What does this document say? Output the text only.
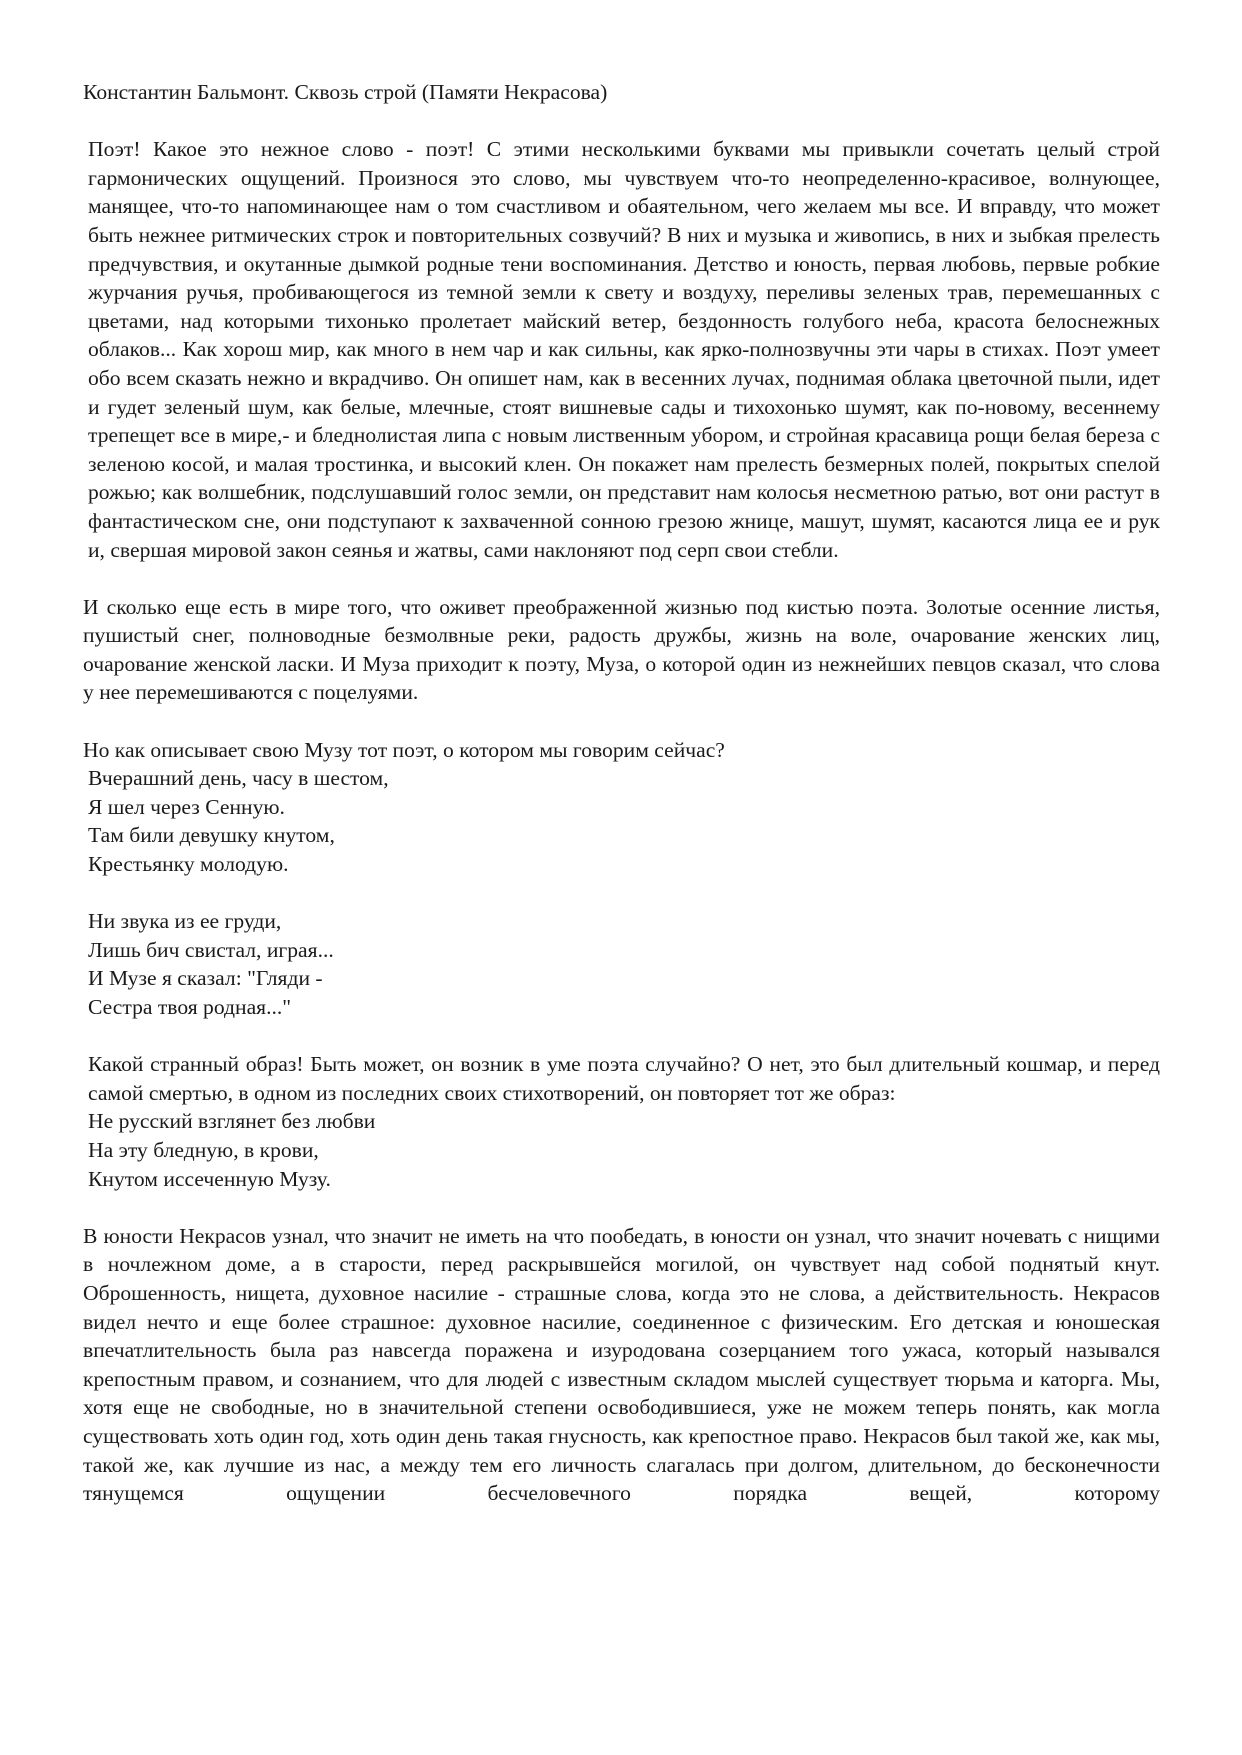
Константин Бальмонт. Сквозь строй (Памяти Некрасова)

Поэт! Какое это нежное слово - поэт! С этими несколькими буквами мы привыкли сочетать целый строй гармонических ощущений. Произнося это слово, мы чувствуем что-то неопределенно-красивое, волнующее, манящее, что-то напоминающее нам о том счастливом и обаятельном, чего желаем мы все. И вправду, что может быть нежнее ритмических строк и повторительных созвучий? В них и музыка и живопись, в них и зыбкая прелесть предчувствия, и окутанные дымкой родные тени воспоминания. Детство и юность, первая любовь, первые робкие журчания ручья, пробивающегося из темной земли к свету и воздуху, переливы зеленых трав, перемешанных с цветами, над которыми тихонько пролетает майский ветер, бездонность голубого неба, красота белоснежных облаков... Как хорош мир, как много в нем чар и как сильны, как ярко-полнозвучны эти чары в стихах. Поэт умеет обо всем сказать нежно и вкрадчиво. Он опишет нам, как в весенних лучах, поднимая облака цветочной пыли, идет и гудет зеленый шум, как белые, млечные, стоят вишневые сады и тихохонько шумят, как по-новому, весеннему трепещет все в мире,- и бледнолистая липа с новым лиственным убором, и стройная красавица рощи белая береза с зеленою косой, и малая тростинка, и высокий клен. Он покажет нам прелесть безмерных полей, покрытых спелой рожью; как волшебник, подслушавший голос земли, он представит нам колосья несметною ратью, вот они растут в фантастическом сне, они подступают к захваченной сонною грезою жнице, машут, шумят, касаются лица ее и рук и, свершая мировой закон сеянья и жатвы, сами наклоняют под серп свои стебли.

И сколько еще есть в мире того, что оживет преображенной жизнью под кистью поэта. Золотые осенние листья, пушистый снег, полноводные безмолвные реки, радость дружбы, жизнь на воле, очарование женских лиц, очарование женской ласки. И Муза приходит к поэту, Муза, о которой один из нежнейших певцов сказал, что слова у нее перемешиваются с поцелуями.

Но как описывает свою Музу тот поэт, о котором мы говорим сейчас?

Вчерашний день, часу в шестом,
Я шел через Сенную.
Там били девушку кнутом,
Крестьянку молодую.
Ни звука из ее груди,
Лишь бич свистал, играя...
И Музе я сказал: "Гляди -
Сестра твоя родная..."

Какой странный образ! Быть может, он возник в уме поэта случайно? О нет, это был длительный кошмар, и перед самой смертью, в одном из последних своих стихотворений, он повторяет тот же образ:

Не русский взглянет без любви
На эту бледную, в крови,
Кнутом иссеченную Музу.

В юности Некрасов узнал, что значит не иметь на что пообедать, в юности он узнал, что значит ночевать с нищими в ночлежном доме, а в старости, перед раскрывшейся могилой, он чувствует над собой поднятый кнут. Оброшенность, нищета, духовное насилие - страшные слова, когда это не слова, а действительность. Некрасов видел нечто и еще более страшное: духовное насилие, соединенное с физическим. Его детская и юношеская впечатлительность была раз навсегда поражена и изуродована созерцанием того ужаса, который назывался крепостным правом, и сознанием, что для людей с известным складом мыслей существует тюрьма и каторга. Мы, хотя еще не свободные, но в значительной степени освободившиеся, уже не можем теперь понять, как могла существовать хоть один год, хоть один день такая гнусность, как крепостное право. Некрасов был такой же, как мы, такой же, как лучшие из нас, а между тем его личность слагалась при долгом, длительном, до бесконечности тянущемся ощущении бесчеловечного порядка вещей, которому
